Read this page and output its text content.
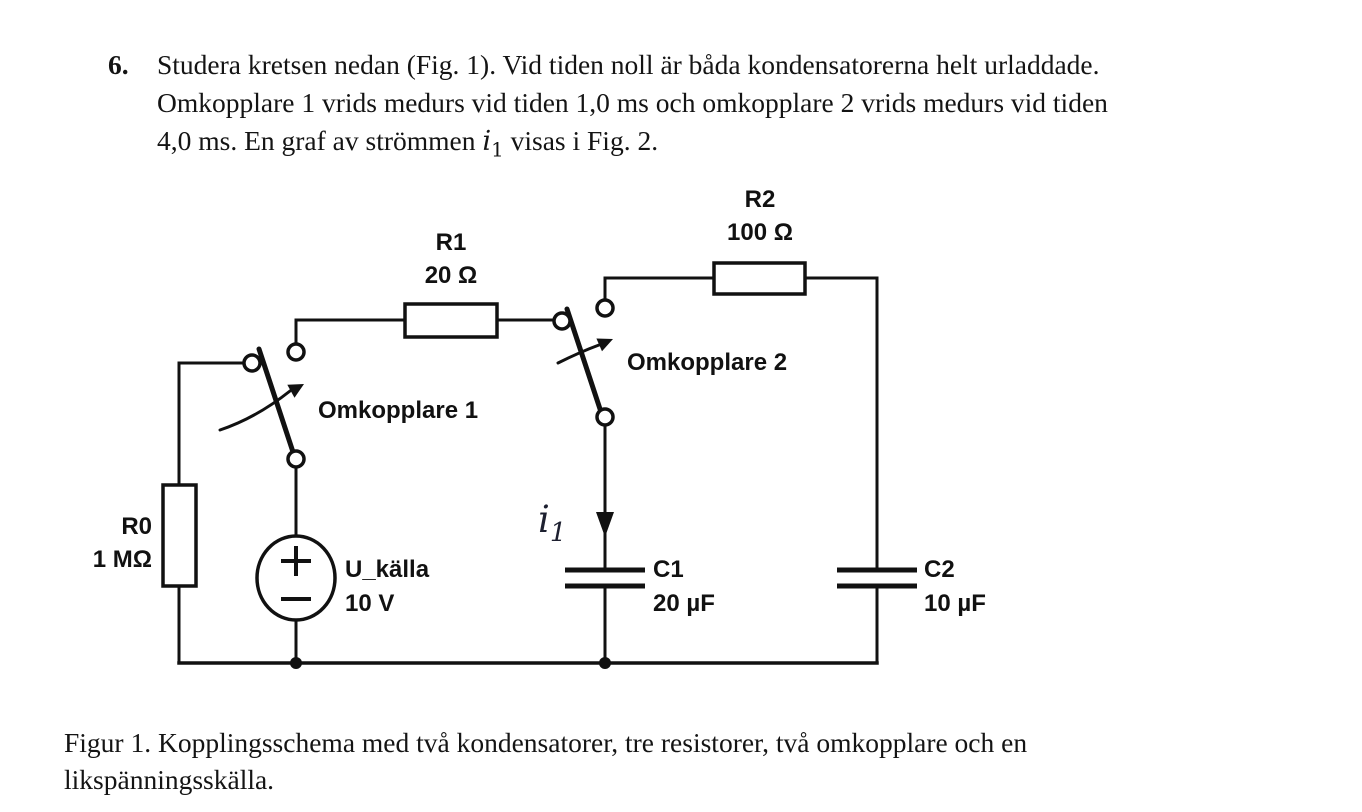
6. Studera kretsen nedan (Fig. 1). Vid tiden noll är båda kondensatorerna helt urladdade.
Omkopplare 1 vrids medurs vid tiden 1,0 ms och omkopplare 2 vrids medurs vid tiden
4,0 ms. En graf av strömmen $i_1$ visas i Fig. 2.
R0
1 MΩ
R1
20 Ω
R2
100 Ω
Omkopplare 1
Omkopplare 2
U_källa
10 V
$i_1$
C1
20 µF
C2
10 µF
Figur 1. Kopplingsschema med två kondensatorer, tre resistorer, två omkopplare och en
likspänningsskälla.
